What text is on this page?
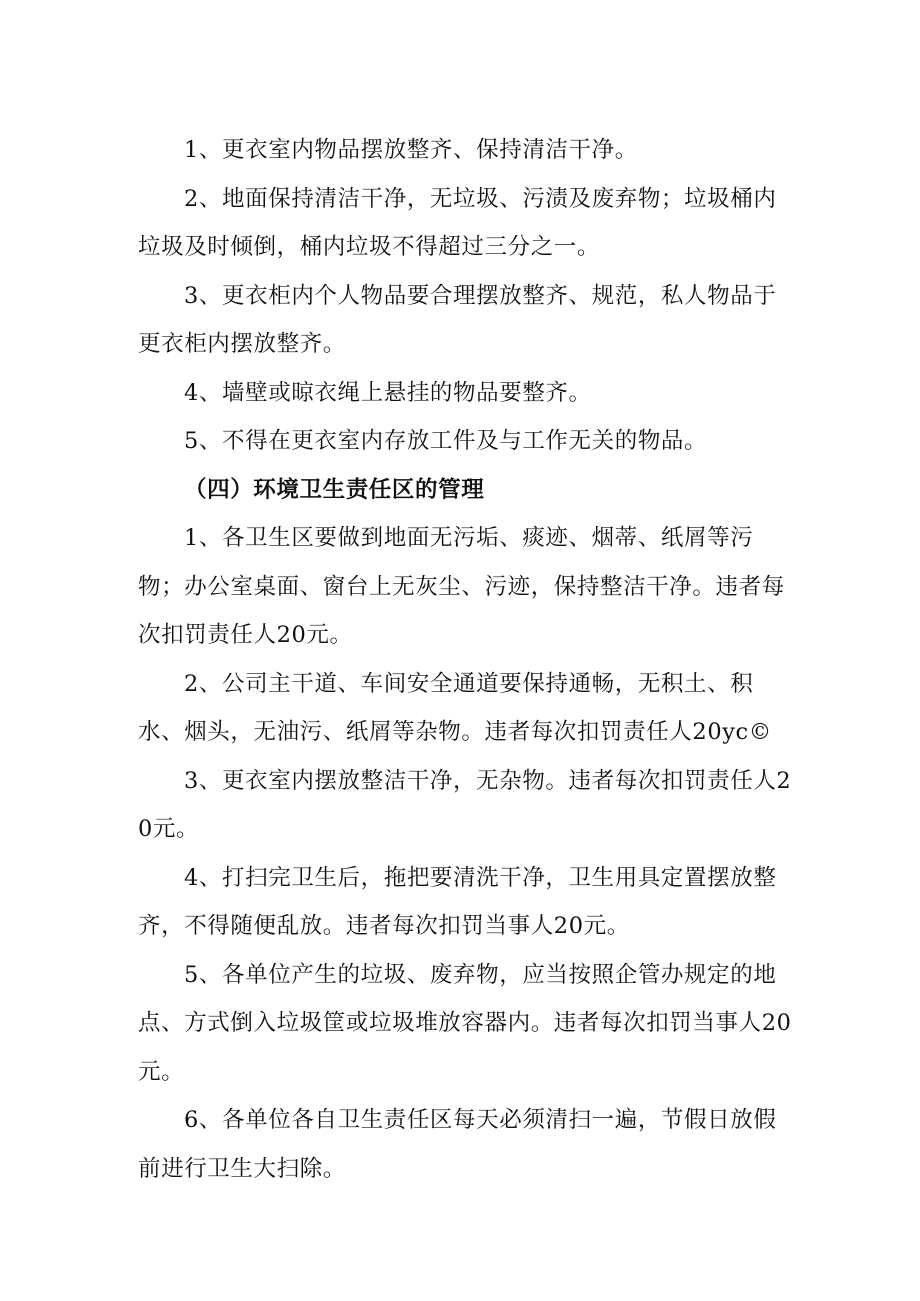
1、更衣室内物品摆放整齐、保持清洁干净。

2、地面保持清洁干净，无垃圾、污渍及废弃物；垃圾桶内垃圾及时倾倒，桶内垃圾不得超过三分之一。

3、更衣柜内个人物品要合理摆放整齐、规范，私人物品于更衣柜内摆放整齐。

4、墙壁或晾衣绳上悬挂的物品要整齐。

5、不得在更衣室内存放工件及与工作无关的物品。

（四）环境卫生责任区的管理

1、各卫生区要做到地面无污垢、痰迹、烟蒂、纸屑等污物；办公室桌面、窗台上无灰尘、污迹，保持整洁干净。违者每次扣罚责任人20元。

2、公司主干道、车间安全通道要保持通畅，无积土、积水、烟头，无油污、纸屑等杂物。违者每次扣罚责任人20yc©

3、更衣室内摆放整洁干净，无杂物。违者每次扣罚责任人20元。

4、打扫完卫生后，拖把要清洗干净，卫生用具定置摆放整齐，不得随便乱放。违者每次扣罚当事人20元。

5、各单位产生的垃圾、废弃物，应当按照企管办规定的地点、方式倒入垃圾筐或垃圾堆放容器内。违者每次扣罚当事人20元。

6、各单位各自卫生责任区每天必须清扫一遍，节假日放假前进行卫生大扫除。
